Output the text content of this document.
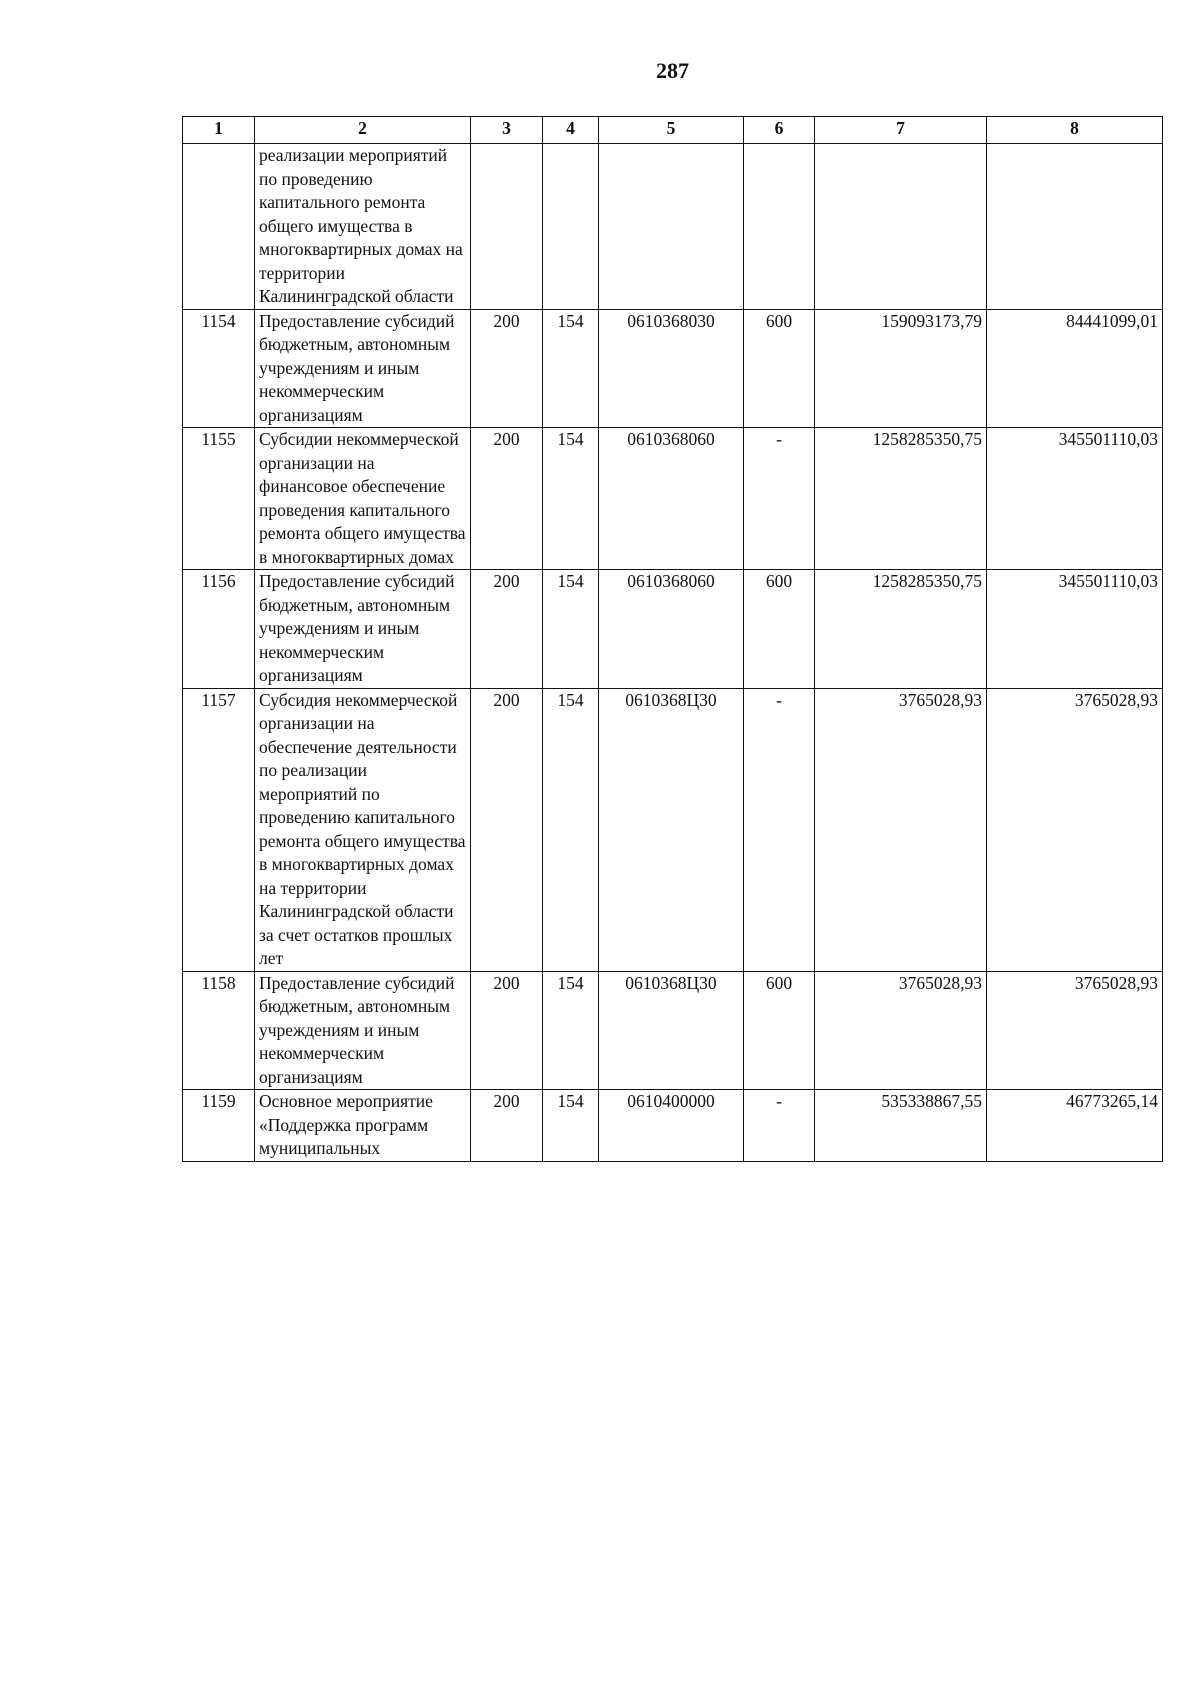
287
1	2	3	4	5	6	7	8
	реализации мероприятий по проведению капитального ремонта общего имущества в многоквартирных домах на территории Калининградской области						
1154	Предоставление субсидий бюджетным, автономным учреждениям и иным некоммерческим организациям	200	154	0610368030	600	159093173,79	84441099,01
1155	Субсидии некоммерческой организации на финансовое обеспечение проведения капитального ремонта общего имущества в многоквартирных домах	200	154	0610368060	-	1258285350,75	345501110,03
1156	Предоставление субсидий бюджетным, автономным учреждениям и иным некоммерческим организациям	200	154	0610368060	600	1258285350,75	345501110,03
1157	Субсидия некоммерческой организации на обеспечение деятельности по реализации мероприятий по проведению капитального ремонта общего имущества в многоквартирных домах на территории Калининградской области за счет остатков прошлых лет	200	154	0610368Ц30	-	3765028,93	3765028,93
1158	Предоставление субсидий бюджетным, автономным учреждениям и иным некоммерческим организациям	200	154	0610368Ц30	600	3765028,93	3765028,93
1159	Основное мероприятие «Поддержка программ муниципальных	200	154	0610400000	-	535338867,55	46773265,14
